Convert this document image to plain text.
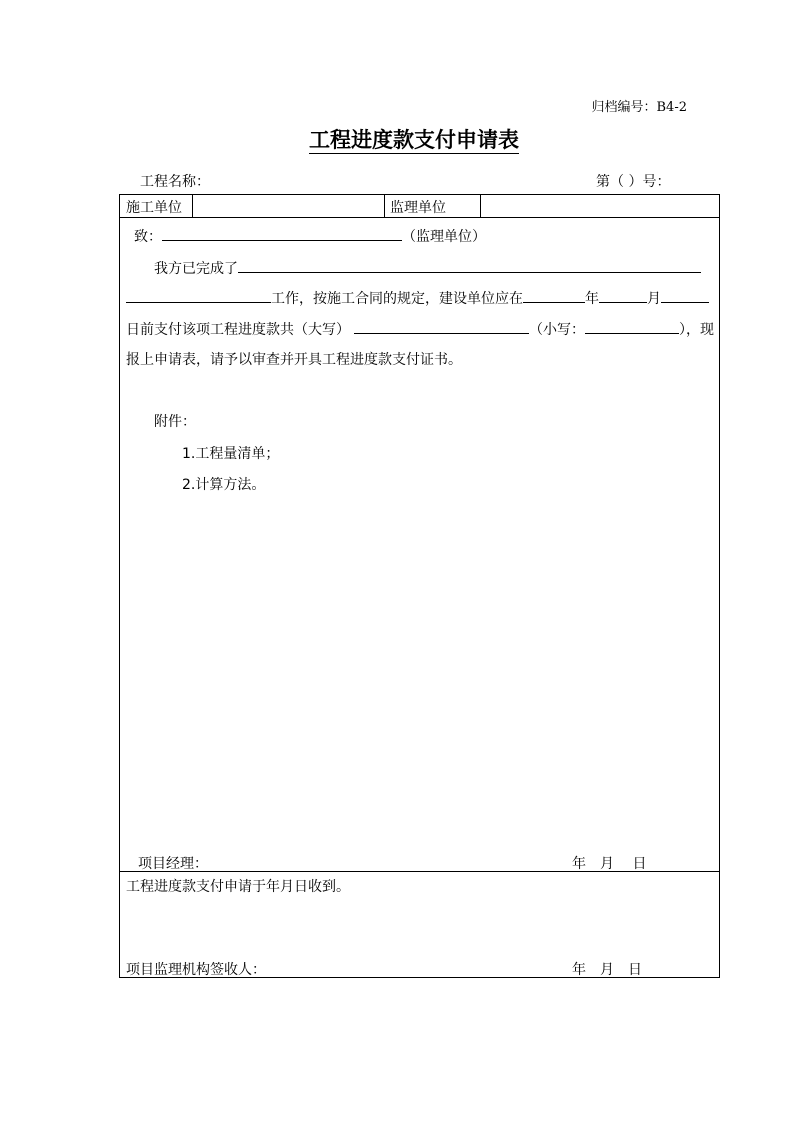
归档编号：B4-2
工程进度款支付申请表
工程名称：	第（ ）号：
施工单位	监理单位
致：	（监理单位）
我方已完成了
工作，按施工合同的规定，建设单位应在	年	月
日前支付该项工程进度款共（大写）	（小写：	），现
报上申请表，请予以审查并开具工程进度款支付证书。
附件：
1.工程量清单；
2.计算方法。
项目经理：	年　月　 日
工程进度款支付申请于年月日收到。
项目监理机构签收人：	年　月　日
